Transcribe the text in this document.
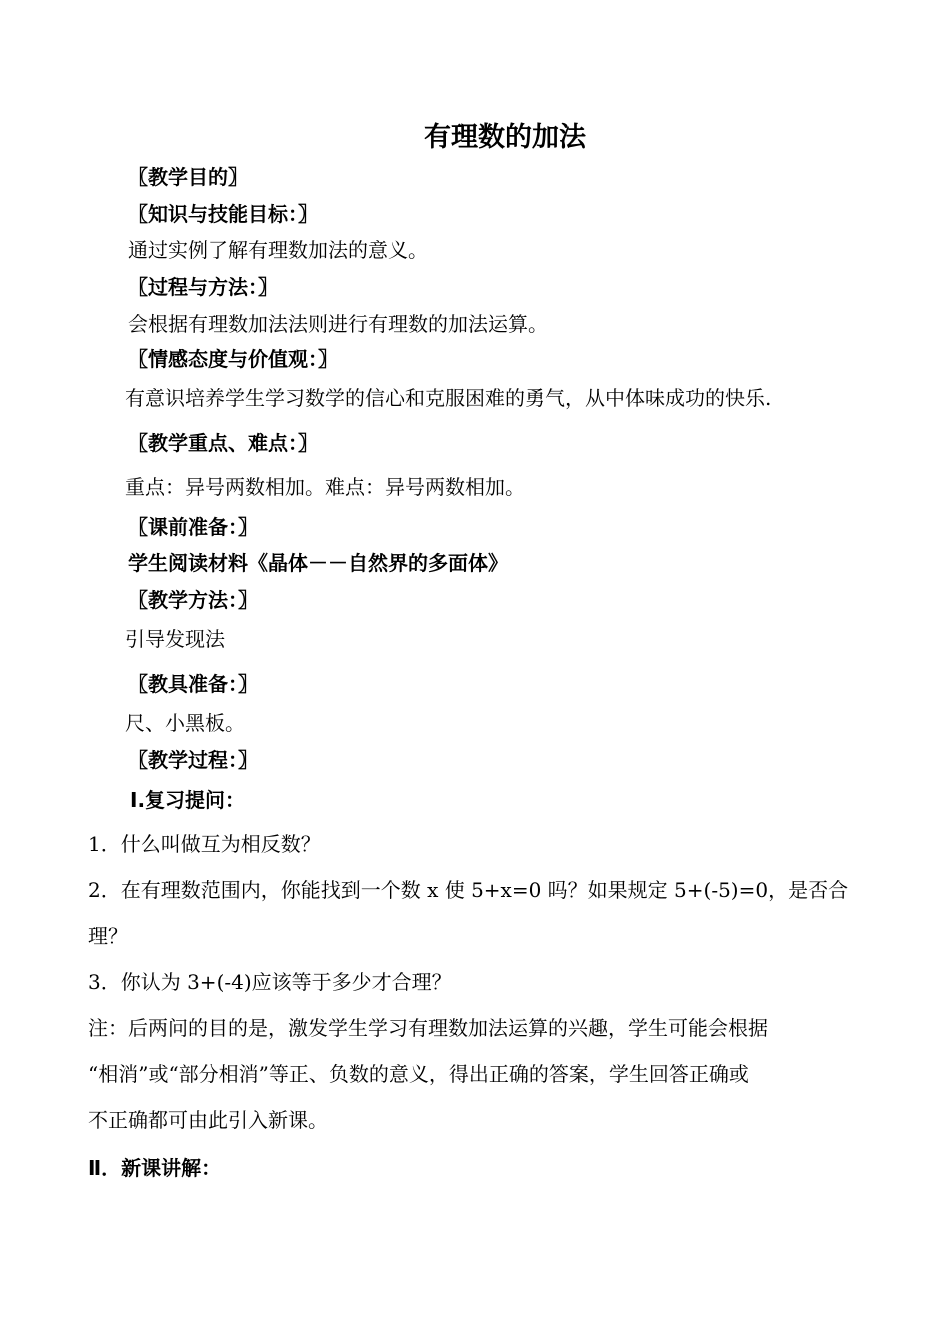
有理数的加法
〖教学目的〗
〖知识与技能目标：〗
通过实例了解有理数加法的意义。
〖过程与方法：〗
会根据有理数加法法则进行有理数的加法运算。
〖情感态度与价值观：〗
有意识培养学生学习数学的信心和克服困难的勇气，从中体味成功的快乐.
〖教学重点、难点：〗
重点：异号两数相加。难点：异号两数相加。
〖课前准备：〗
学生阅读材料《晶体－－自然界的多面体》
〖教学方法：〗
引导发现法
〖教具准备：〗
尺、小黑板。
〖教学过程：〗
Ⅰ.复习提问：
1．什么叫做互为相反数？
2．在有理数范围内，你能找到一个数 x 使 5+x=0 吗？如果规定 5+(-5)=0，是否合
理？
3．你认为 3+(-4)应该等于多少才合理？
注：后两问的目的是，激发学生学习有理数加法运算的兴趣，学生可能会根据
“相消”或“部分相消”等正、负数的意义，得出正确的答案，学生回答正确或
不正确都可由此引入新课。
Ⅱ．新课讲解：
